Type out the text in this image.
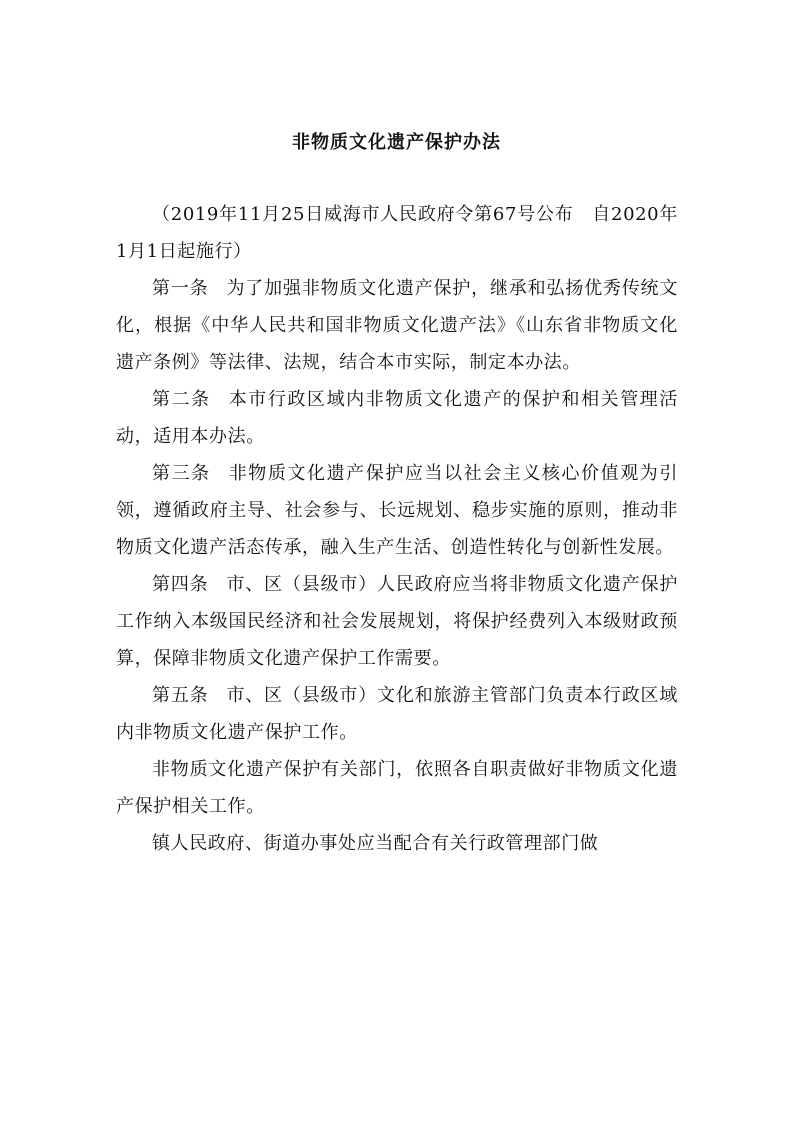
非物质文化遗产保护办法

（2019年11月25日威海市人民政府令第67号公布　自2020年1月1日起施行）

第一条 为了加强非物质文化遗产保护，继承和弘扬优秀传统文化，根据《中华人民共和国非物质文化遗产法》《山东省非物质文化遗产条例》等法律、法规，结合本市实际，制定本办法。

第二条 本市行政区域内非物质文化遗产的保护和相关管理活动，适用本办法。

第三条 非物质文化遗产保护应当以社会主义核心价值观为引领，遵循政府主导、社会参与、长远规划、稳步实施的原则，推动非物质文化遗产活态传承，融入生产生活、创造性转化与创新性发展。

第四条 市、区（县级市）人民政府应当将非物质文化遗产保护工作纳入本级国民经济和社会发展规划，将保护经费列入本级财政预算，保障非物质文化遗产保护工作需要。

第五条 市、区（县级市）文化和旅游主管部门负责本行政区域内非物质文化遗产保护工作。

非物质文化遗产保护有关部门，依照各自职责做好非物质文化遗产保护相关工作。

镇人民政府、街道办事处应当配合有关行政管理部门做
